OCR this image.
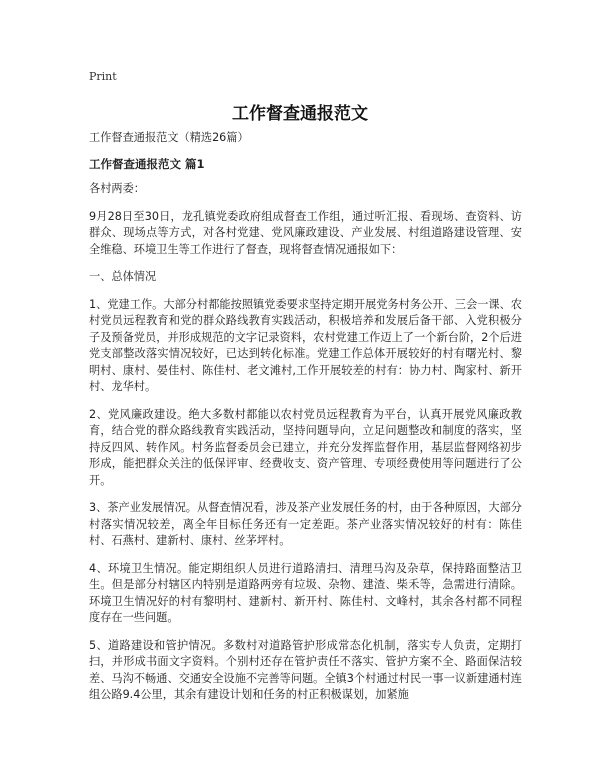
Print
工作督查通报范文

工作督查通报范文（精选26篇）

工作督查通报范文 篇1

各村两委：

9月28日至30日，龙孔镇党委政府组成督查工作组，通过听汇报、看现场、查资料、访群众、现场点等方式，对各村党建、党风廉政建设、产业发展、村组道路建设管理、安全维稳、环境卫生等工作进行了督查，现将督查情况通报如下：

一、总体情况

1、党建工作。大部分村都能按照镇党委要求坚持定期开展党务村务公开、三会一课、农村党员远程教育和党的群众路线教育实践活动，积极培养和发展后备干部、入党积极分子及预备党员，并形成规范的文字记录资料，农村党建工作迈上了一个新台阶，2个后进党支部整改落实情况较好，已达到转化标准。党建工作总体开展较好的村有曙光村、黎明村、康村、晏佳村、陈佳村、老文滩村,工作开展较差的村有：协力村、陶家村、新开村、龙华村。

2、党风廉政建设。绝大多数村都能以农村党员远程教育为平台，认真开展党风廉政教育，结合党的群众路线教育实践活动，坚持问题导向，立足问题整改和制度的落实，坚持反四风、转作风。村务监督委员会已建立，并充分发挥监督作用，基层监督网络初步形成，能把群众关注的低保评审、经费收支、资产管理、专项经费使用等问题进行了公开。

3、茶产业发展情况。从督查情况看，涉及茶产业发展任务的村，由于各种原因，大部分村落实情况较差，离全年目标任务还有一定差距。茶产业落实情况较好的村有：陈佳村、石燕村、建新村、康村、丝茅坪村。

4、环境卫生情况。能定期组织人员进行道路清扫、清理马沟及杂草，保持路面整洁卫生。但是部分村辖区内特别是道路两旁有垃圾、杂物、建渣、柴禾等，急需进行清除。环境卫生情况好的村有黎明村、建新村、新开村、陈佳村、文峰村，其余各村都不同程度存在一些问题。

5、道路建设和管护情况。多数村对道路管护形成常态化机制，落实专人负责，定期打扫，并形成书面文字资料。个别村还存在管护责任不落实、管护方案不全、路面保洁较差、马沟不畅通、交通安全设施不完善等问题。全镇3个村通过村民一事一议新建通村连组公路9.4公里，其余有建设计划和任务的村正积极谋划，加紧施
